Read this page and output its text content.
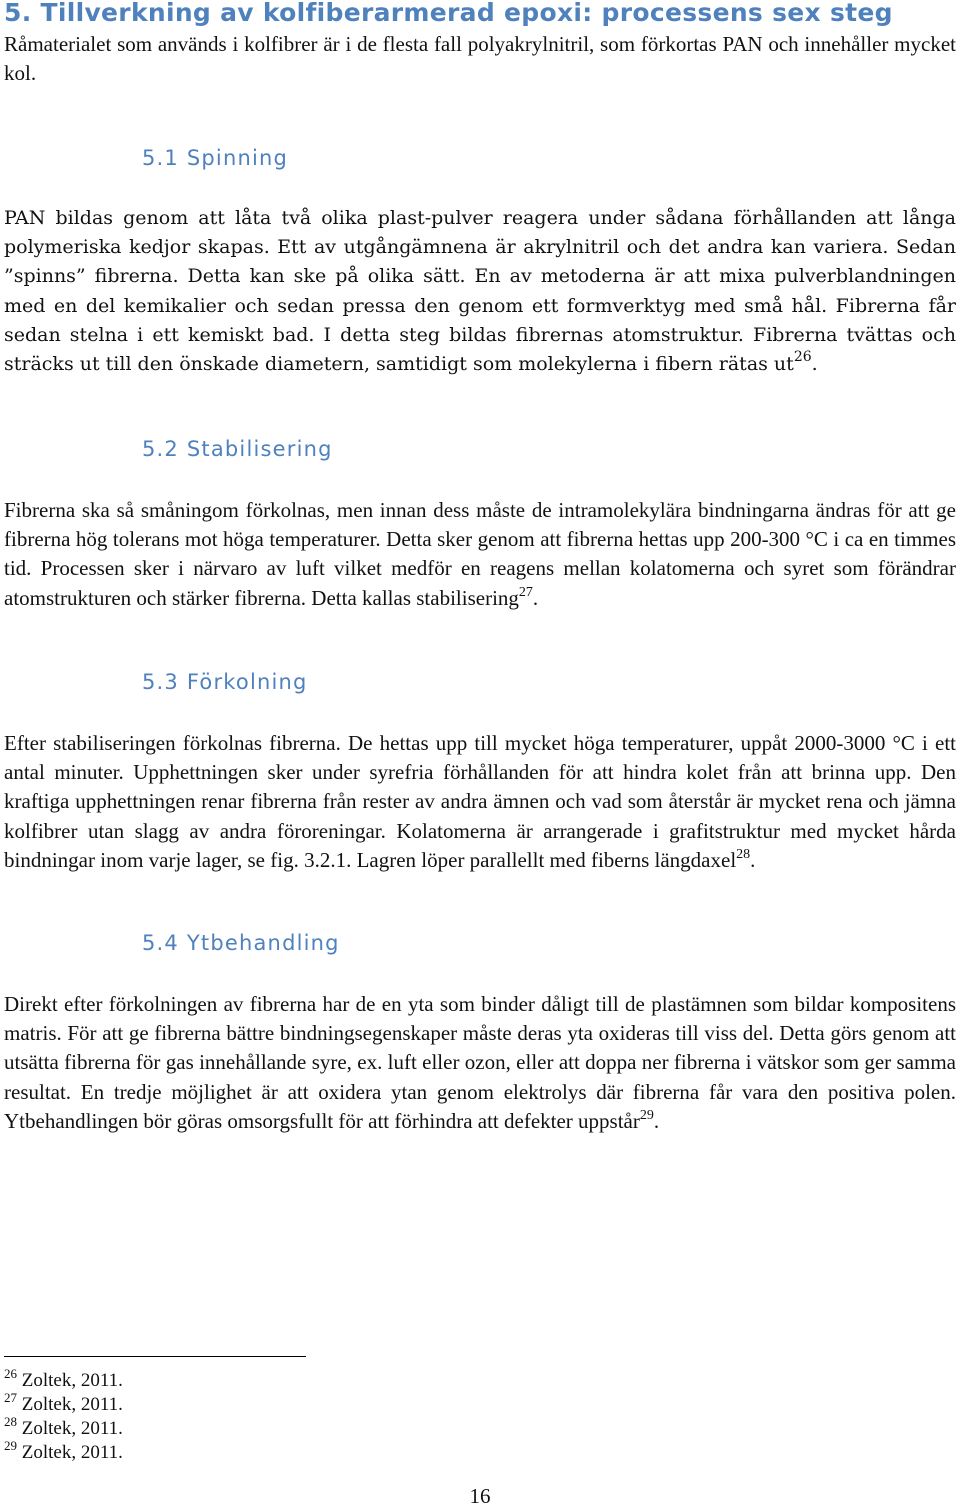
5. Tillverkning av kolfiberarmerad epoxi: processens sex steg

Råmaterialet som används i kolfibrer är i de flesta fall polyakrylnitril, som förkortas PAN och innehåller mycket kol.

5.1 Spinning

PAN bildas genom att låta två olika plast-pulver reagera under sådana förhållanden att långa polymeriska kedjor skapas. Ett av utgångämnena är akrylnitril och det andra kan variera. Sedan ”spinns” fibrerna. Detta kan ske på olika sätt. En av metoderna är att mixa pulverblandningen med en del kemikalier och sedan pressa den genom ett formverktyg med små hål. Fibrerna får sedan stelna i ett kemiskt bad. I detta steg bildas fibrernas atomstruktur. Fibrerna tvättas och sträcks ut till den önskade diametern, samtidigt som molekylerna i fibern rätas $ut^{26}$.

5.2 Stabilisering

Fibrerna ska så småningom förkolnas, men innan dess måste de intramolekylära bindningarna ändras för att ge fibrerna hög tolerans mot höga temperaturer. Detta sker genom att fibrerna hettas upp 200-300 °C i ca en timmes tid. Processen sker i närvaro av luft vilket medför en reagens mellan kolatomerna och syret som förändrar atomstrukturen och stärker fibrerna. Detta kallas stabilisering$^{27}$.

5.3 Förkolning

Efter stabiliseringen förkolnas fibrerna. De hettas upp till mycket höga temperaturer, uppåt 2000-3000 °C i ett antal minuter. Upphettningen sker under syrefria förhållanden för att hindra kolet från att brinna upp. Den kraftiga upphettningen renar fibrerna från rester av andra ämnen och vad som återstår är mycket rena och jämna kolfibrer utan slagg av andra föroreningar. Kolatomerna är arrangerade i grafitstruktur med mycket hårda bindningar inom varje lager, se fig. 3.2.1. Lagren löper parallellt med fiberns längdaxel$^{28}$.

5.4 Ytbehandling

Direkt efter förkolningen av fibrerna har de en yta som binder dåligt till de plastämnen som bildar kompositens matris. För att ge fibrerna bättre bindningsegenskaper måste deras yta oxideras till viss del. Detta görs genom att utsätta fibrerna för gas innehållande syre, ex. luft eller ozon, eller att doppa ner fibrerna i vätskor som ger samma resultat. En tredje möjlighet är att oxidera ytan genom elektrolys där fibrerna får vara den positiva polen. Ytbehandlingen bör göras omsorgsfullt för att förhindra att defekter uppstår$^{29}$.

$^{26}$ Zoltek, 2011.

$^{27}$ Zoltek, 2011.

$^{28}$ Zoltek, 2011.

$^{29}$ Zoltek, 2011.

16
